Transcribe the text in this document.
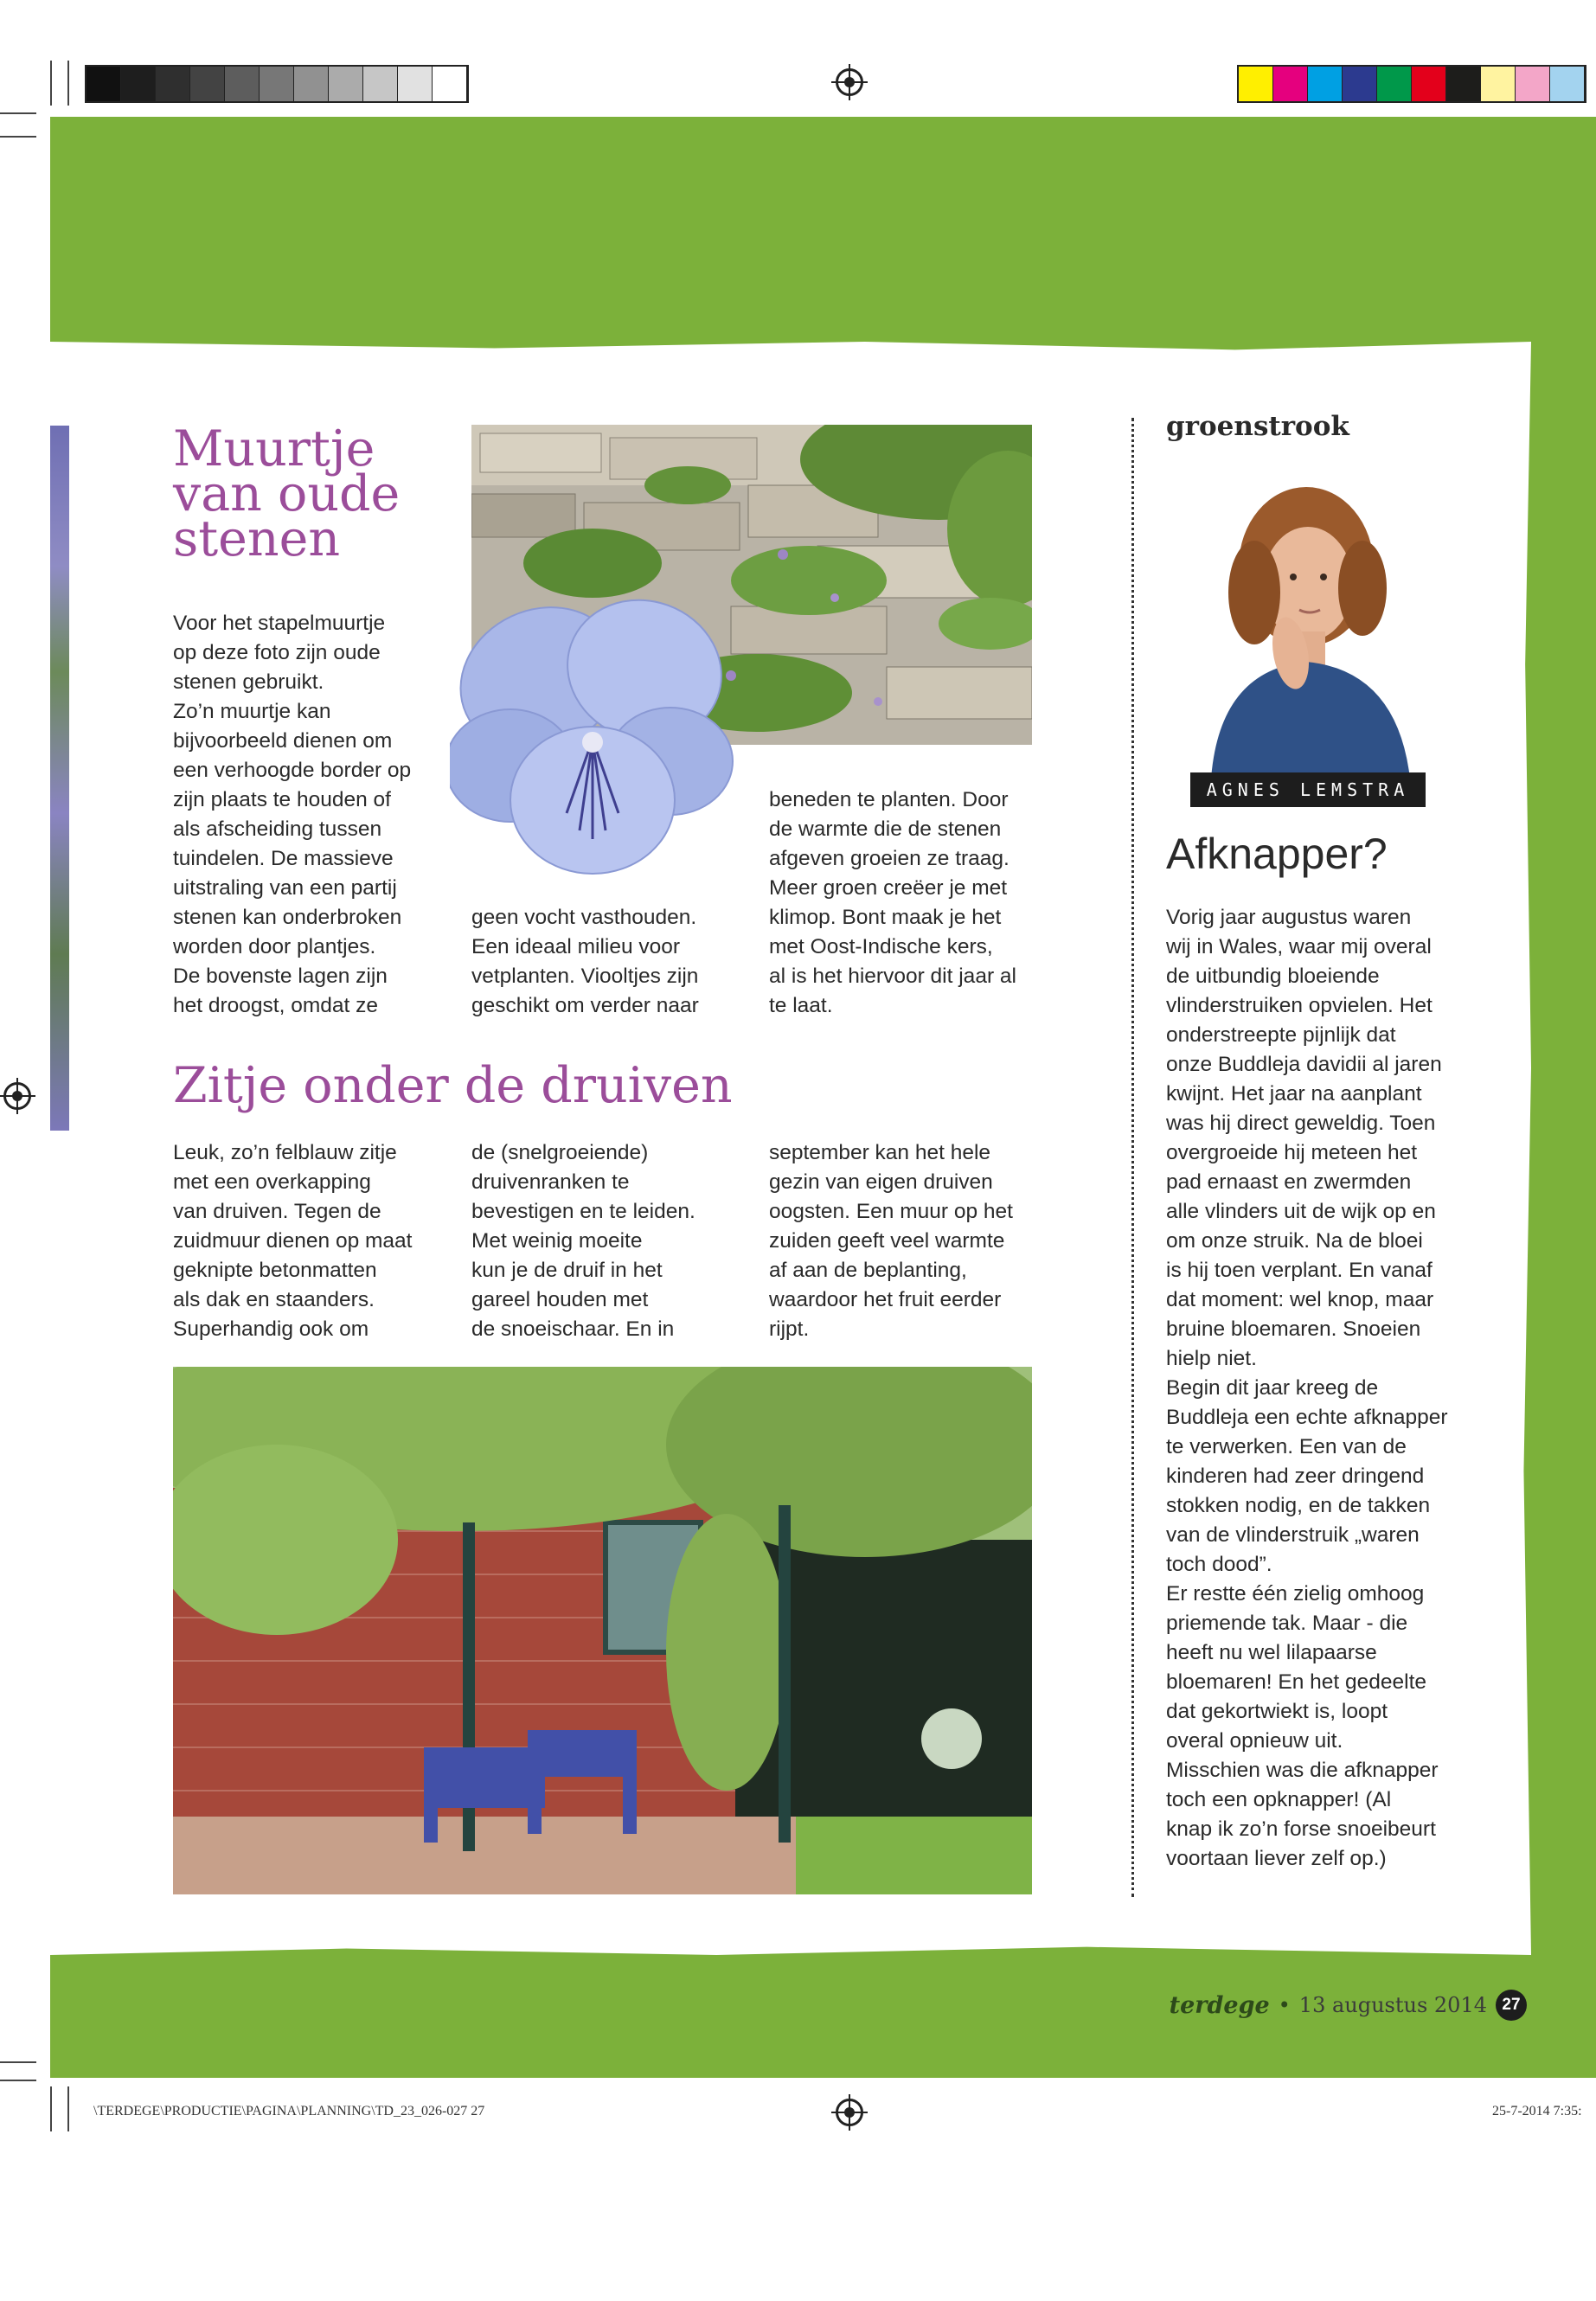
Muurtje
van oude
stenen
Voor het stapelmuurtje
op deze foto zijn oude
stenen gebruikt.
Zo’n muurtje kan
bijvoorbeeld dienen om
een verhoogde border op
zijn plaats te houden of
als afscheiding tussen
tuindelen. De massieve
uitstraling van een partij
stenen kan onderbroken
worden door plantjes.
De bovenste lagen zijn
het droogst, omdat ze
geen vocht vasthouden.
Een ideaal milieu voor
vetplanten. Viooltjes zijn
geschikt om verder naar
beneden te planten. Door
de warmte die de stenen
afgeven groeien ze traag.
Meer groen creëer je met
klimop. Bont maak je het
met Oost-Indische kers,
al is het hiervoor dit jaar al
te laat.
Zitje onder de druiven
Leuk, zo’n felblauw zitje
met een overkapping
van druiven. Tegen de
zuidmuur dienen op maat
geknipte betonmatten
als dak en staanders.
Superhandig ook om
de (snelgroeiende)
druivenranken te
bevestigen en te leiden.
Met weinig moeite
kun je de druif in het
gareel houden met
de snoeischaar. En in
september kan het hele
gezin van eigen druiven
oogsten. Een muur op het
zuiden geeft veel warmte
af aan de beplanting,
waardoor het fruit eerder
rijpt.
groenstrook
AGNES LEMSTRA
Afknapper?
Vorig jaar augustus waren
wij in Wales, waar mij overal
de uitbundig bloeiende
vlinderstruiken opvielen. Het
onderstreepte pijnlijk dat
onze Buddleja davidii al jaren
kwijnt. Het jaar na aanplant
was hij direct geweldig. Toen
overgroeide hij meteen het
pad ernaast en zwermden
alle vlinders uit de wijk op en
om onze struik. Na de bloei
is hij toen verplant. En vanaf
dat moment: wel knop, maar
bruine bloemaren. Snoeien
hielp niet.
Begin dit jaar kreeg de
Buddleja een echte afknapper
te verwerken. Een van de
kinderen had zeer dringend
stokken nodig, en de takken
van de vlinderstruik „waren
toch dood”.
Er restte één zielig omhoog
priemende tak. Maar - die
heeft nu wel lilapaarse
bloemaren! En het gedeelte
dat gekortwiekt is, loopt
overal opnieuw uit.
Misschien was die afknapper
toch een opknapper! (Al
knap ik zo’n forse snoeibeurt
voortaan liever zelf op.)
terdege • 13 augustus 2014 27
\TERDEGE\PRODUCTIE\PAGINA\PLANNING\TD_23_026-027 27	25-7-2014 7:35:
